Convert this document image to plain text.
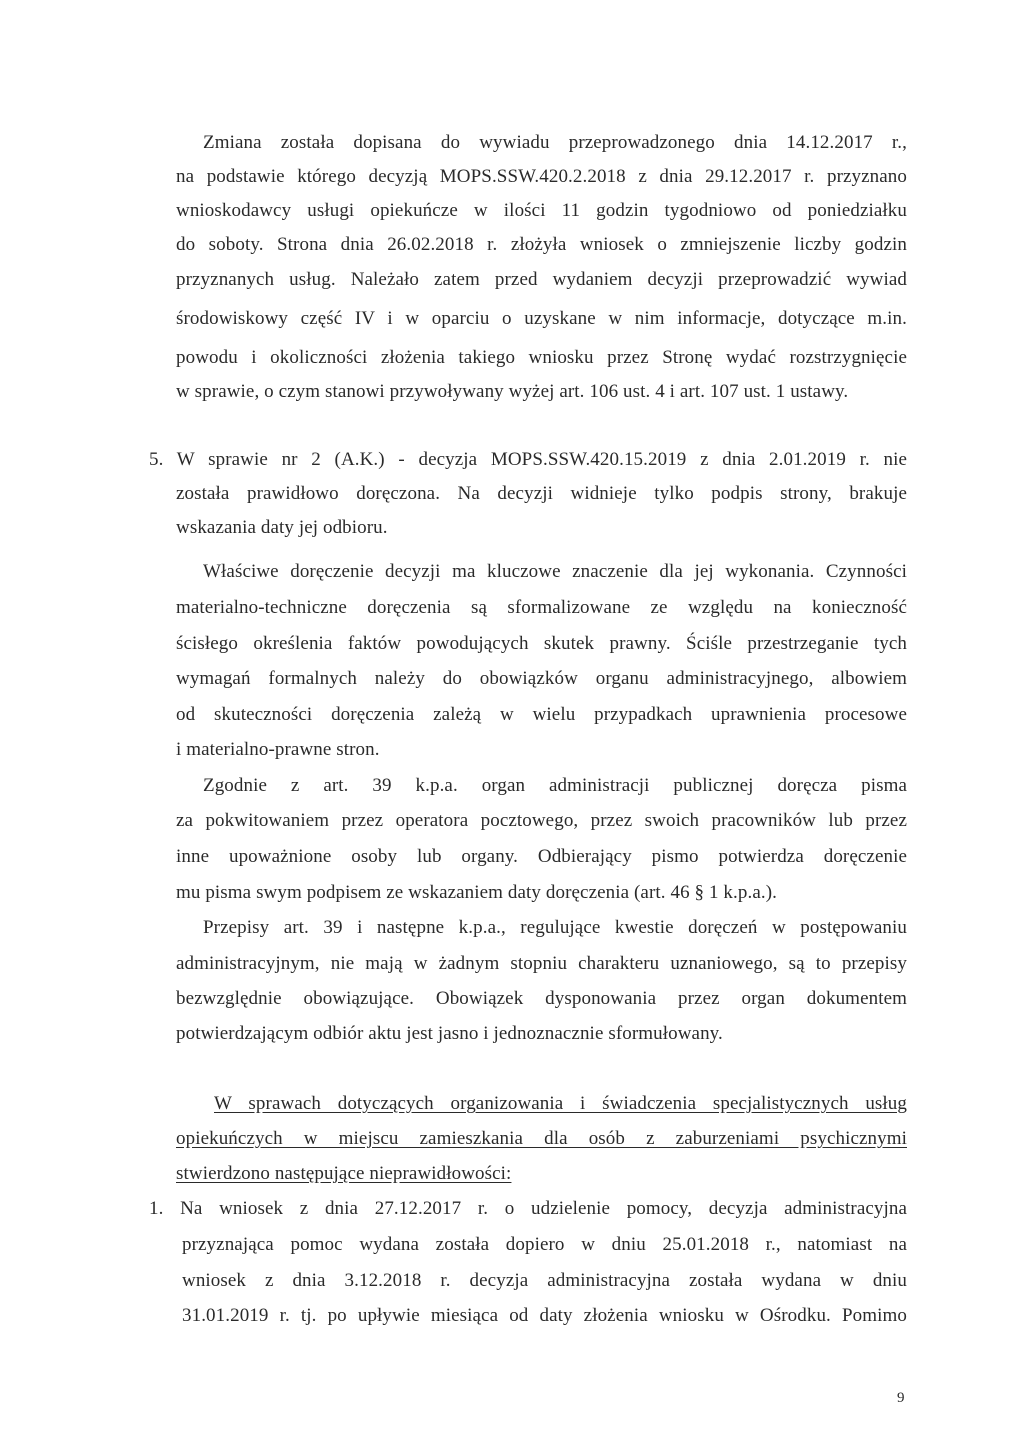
Zmiana została dopisana do wywiadu przeprowadzonego dnia 14.12.2017 r.,
na podstawie którego decyzją MOPS.SSW.420.2.2018 z dnia 29.12.2017 r. przyznano
wnioskodawcy usługi opiekuńcze w ilości 11 godzin tygodniowo od poniedziałku
do soboty. Strona dnia 26.02.2018 r. złożyła wniosek o zmniejszenie liczby godzin
przyznanych usług. Należało zatem przed wydaniem decyzji przeprowadzić wywiad
środowiskowy część IV i w oparciu o uzyskane w nim informacje, dotyczące m.in.
powodu i okoliczności złożenia takiego wniosku przez Stronę wydać rozstrzygnięcie
w sprawie, o czym stanowi przywoływany wyżej art. 106 ust. 4 i art. 107 ust. 1 ustawy.
5. W sprawie nr 2 (A.K.) - decyzja MOPS.SSW.420.15.2019 z dnia 2.01.2019 r. nie
została prawidłowo doręczona. Na decyzji widnieje tylko podpis strony, brakuje
wskazania daty jej odbioru.
Właściwe doręczenie decyzji ma kluczowe znaczenie dla jej wykonania. Czynności
materialno-techniczne doręczenia są sformalizowane ze względu na konieczność
ścisłego określenia faktów powodujących skutek prawny. Ściśle przestrzeganie tych
wymagań formalnych należy do obowiązków organu administracyjnego, albowiem
od skuteczności doręczenia zależą w wielu przypadkach uprawnienia procesowe
i materialno-prawne stron.
Zgodnie z art. 39 k.p.a. organ administracji publicznej doręcza pisma
za pokwitowaniem przez operatora pocztowego, przez swoich pracowników lub przez
inne upoważnione osoby lub organy. Odbierający pismo potwierdza doręczenie
mu pisma swym podpisem ze wskazaniem daty doręczenia (art. 46 § 1 k.p.a.).
Przepisy art. 39 i następne k.p.a., regulujące kwestie doręczeń w postępowaniu
administracyjnym, nie mają w żadnym stopniu charakteru uznaniowego, są to przepisy
bezwzględnie obowiązujące. Obowiązek dysponowania przez organ dokumentem
potwierdzającym odbiór aktu jest jasno i jednoznacznie sformułowany.
W sprawach dotyczących organizowania i świadczenia specjalistycznych usług
opiekuńczych w miejscu zamieszkania dla osób z zaburzeniami psychicznymi
stwierdzono następujące nieprawidłowości:
1. Na wniosek z dnia 27.12.2017 r. o udzielenie pomocy, decyzja administracyjna
przyznająca pomoc wydana została dopiero w dniu 25.01.2018 r., natomiast na
wniosek z dnia 3.12.2018 r. decyzja administracyjna została wydana w dniu
31.01.2019 r. tj. po upływie miesiąca od daty złożenia wniosku w Ośrodku. Pomimo
9
